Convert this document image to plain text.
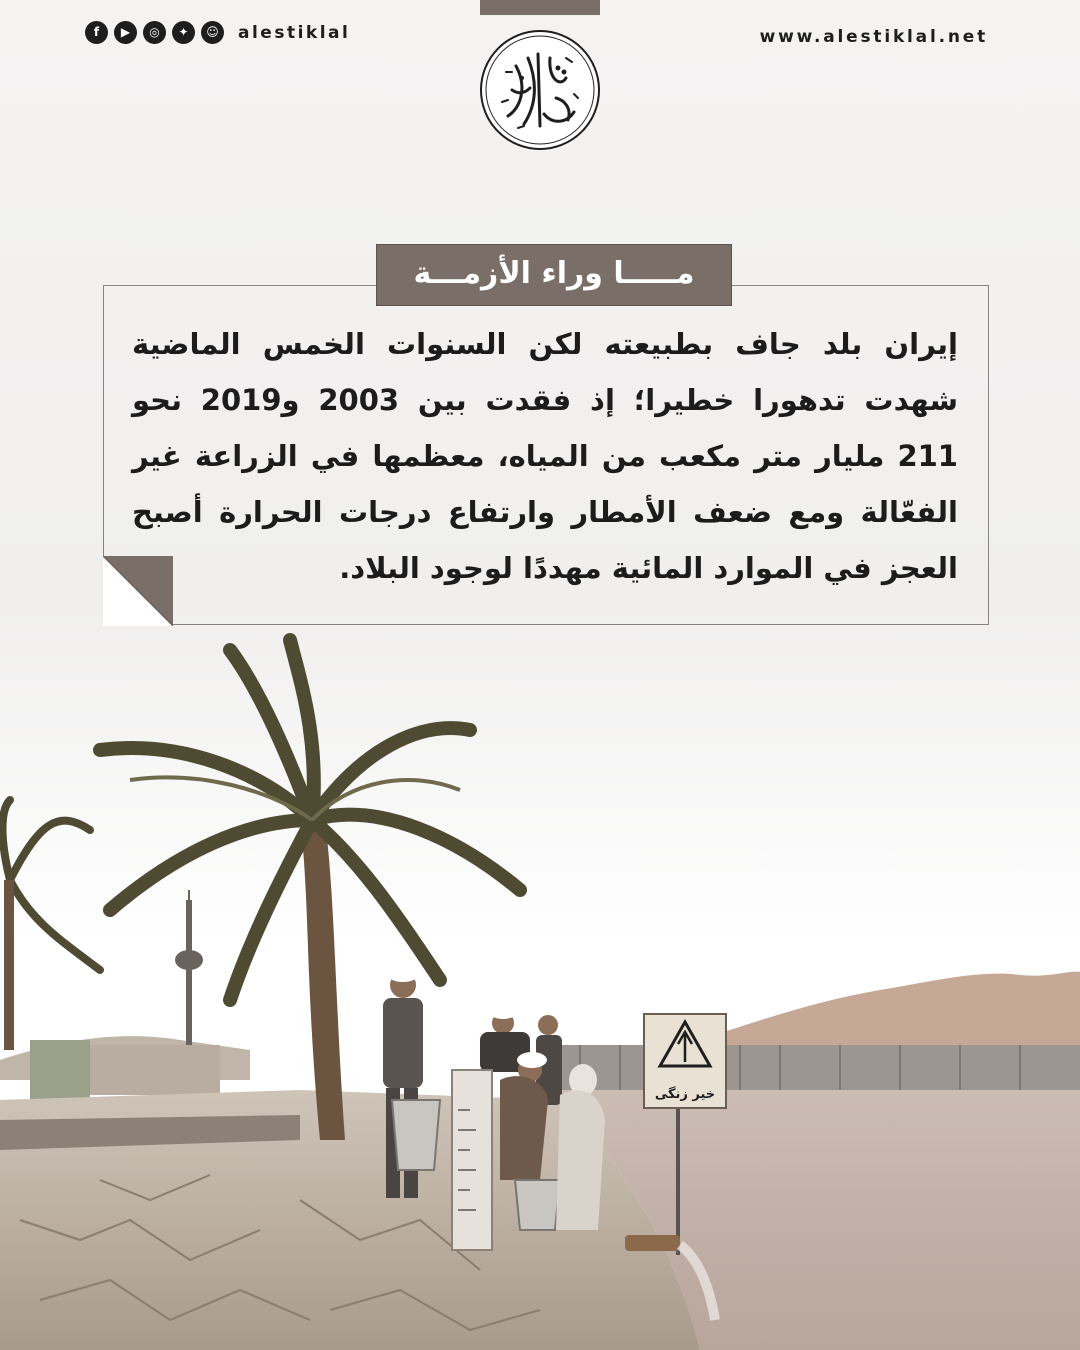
f	▶	◎	✦	☺	alestiklal	www.alestiklal.net
مـــــا وراء الأزمـــة
إيران بلد جاف بطبيعته لكن السنوات الخمس الماضية شهدت تدهورا خطيرا؛ إذ فقدت بين 2003 و2019 نحو 211 مليار متر مكعب من المياه، معظمها في الزراعة غير الفعّالة ومع ضعف الأمطار وارتفاع درجات الحرارة أصبح العجز في الموارد المائية مهددًا لوجود البلاد.
خير زنگی
